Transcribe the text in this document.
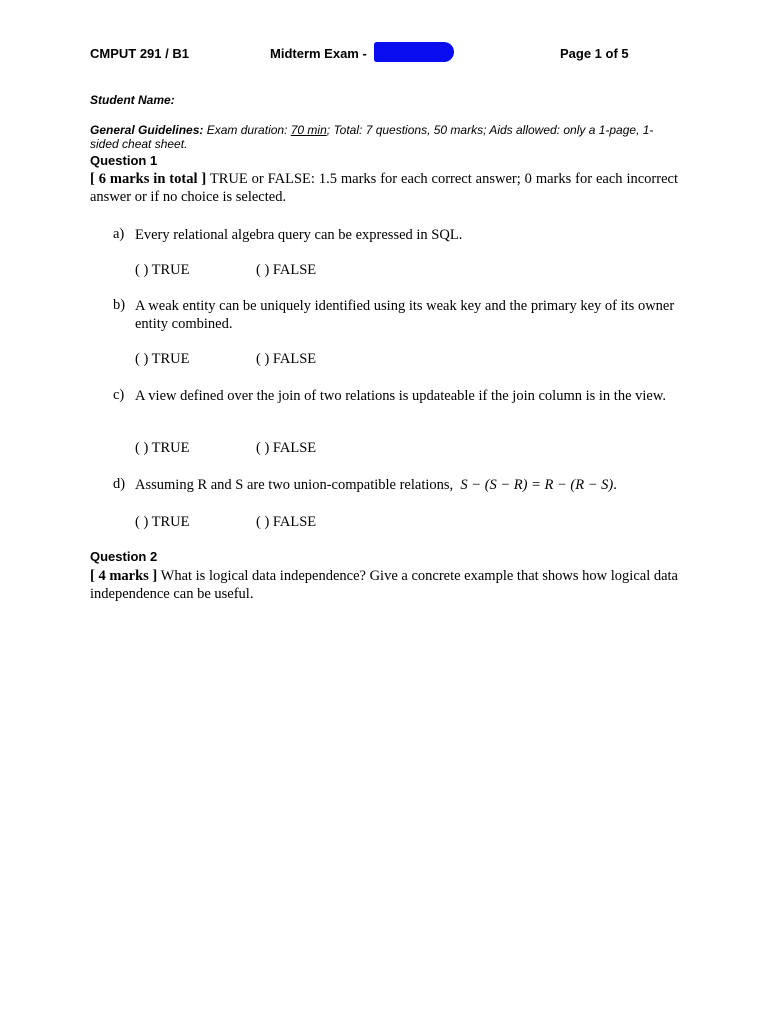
CMPUT 291 / B1	Midterm Exam -	Page 1 of 5
Student Name:
General Guidelines: Exam duration: 70 min; Total: 7 questions, 50 marks; Aids allowed: only a 1-page, 1-sided cheat sheet.
Question 1
[ 6 marks in total ] TRUE or FALSE: 1.5 marks for each correct answer; 0 marks for each incorrect answer or if no choice is selected.
a) Every relational algebra query can be expressed in SQL.
( ) TRUE	( ) FALSE
b) A weak entity can be uniquely identified using its weak key and the primary key of its owner entity combined.
( ) TRUE	( ) FALSE
c) A view defined over the join of two relations is updateable if the join column is in the view.
( ) TRUE	( ) FALSE
d) Assuming R and S are two union-compatible relations, S − (S − R) = R − (R − S).
( ) TRUE	( ) FALSE
Question 2
[ 4 marks ] What is logical data independence? Give a concrete example that shows how logical data independence can be useful.
